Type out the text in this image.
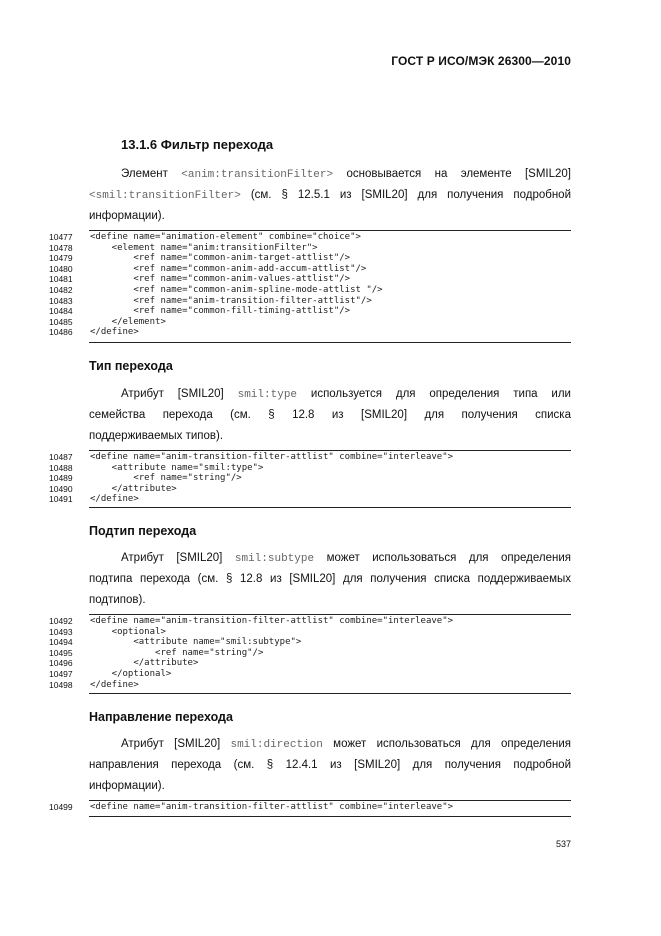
ГОСТ Р ИСО/МЭК 26300—2010
13.1.6 Фильтр перехода
Элемент <anim:transitionFilter> основывается на элементе [SMIL20]
<smil:transitionFilter> (см. § 12.5.1 из [SMIL20] для получения подробной
информации).
10477 <define name="animation-element" combine="choice">
10478 <element name="anim:transitionFilter">
10479 <ref name="common-anim-target-attlist"/>
10480 <ref name="common-anim-add-accum-attlist"/>
10481 <ref name="common-anim-values-attlist"/>
10482 <ref name="common-anim-spline-mode-attlist "/>
10483 <ref name="anim-transition-filter-attlist"/>
10484 <ref name="common-fill-timing-attlist"/>
10485 </element>
10486 </define>
Тип перехода
Атрибут [SMIL20] smil:type используется для определения типа или
семейства перехода (см. § 12.8 из [SMIL20] для получения списка
поддерживаемых типов).
10487 <define name="anim-transition-filter-attlist" combine="interleave">
10488 <attribute name="smil:type">
10489 <ref name="string"/>
10490 </attribute>
10491 </define>
Подтип перехода
Атрибут [SMIL20] smil:subtype может использоваться для определения
подтипа перехода (см. § 12.8 из [SMIL20] для получения списка поддерживаемых
подтипов).
10492 <define name="anim-transition-filter-attlist" combine="interleave">
10493 <optional>
10494 <attribute name="smil:subtype">
10495 <ref name="string"/>
10496 </attribute>
10497 </optional>
10498 </define>
Направление перехода
Атрибут [SMIL20] smil:direction может использоваться для определения
направления перехода (см. § 12.4.1 из [SMIL20] для получения подробной
информации).
10499 <define name="anim-transition-filter-attlist" combine="interleave">
537
